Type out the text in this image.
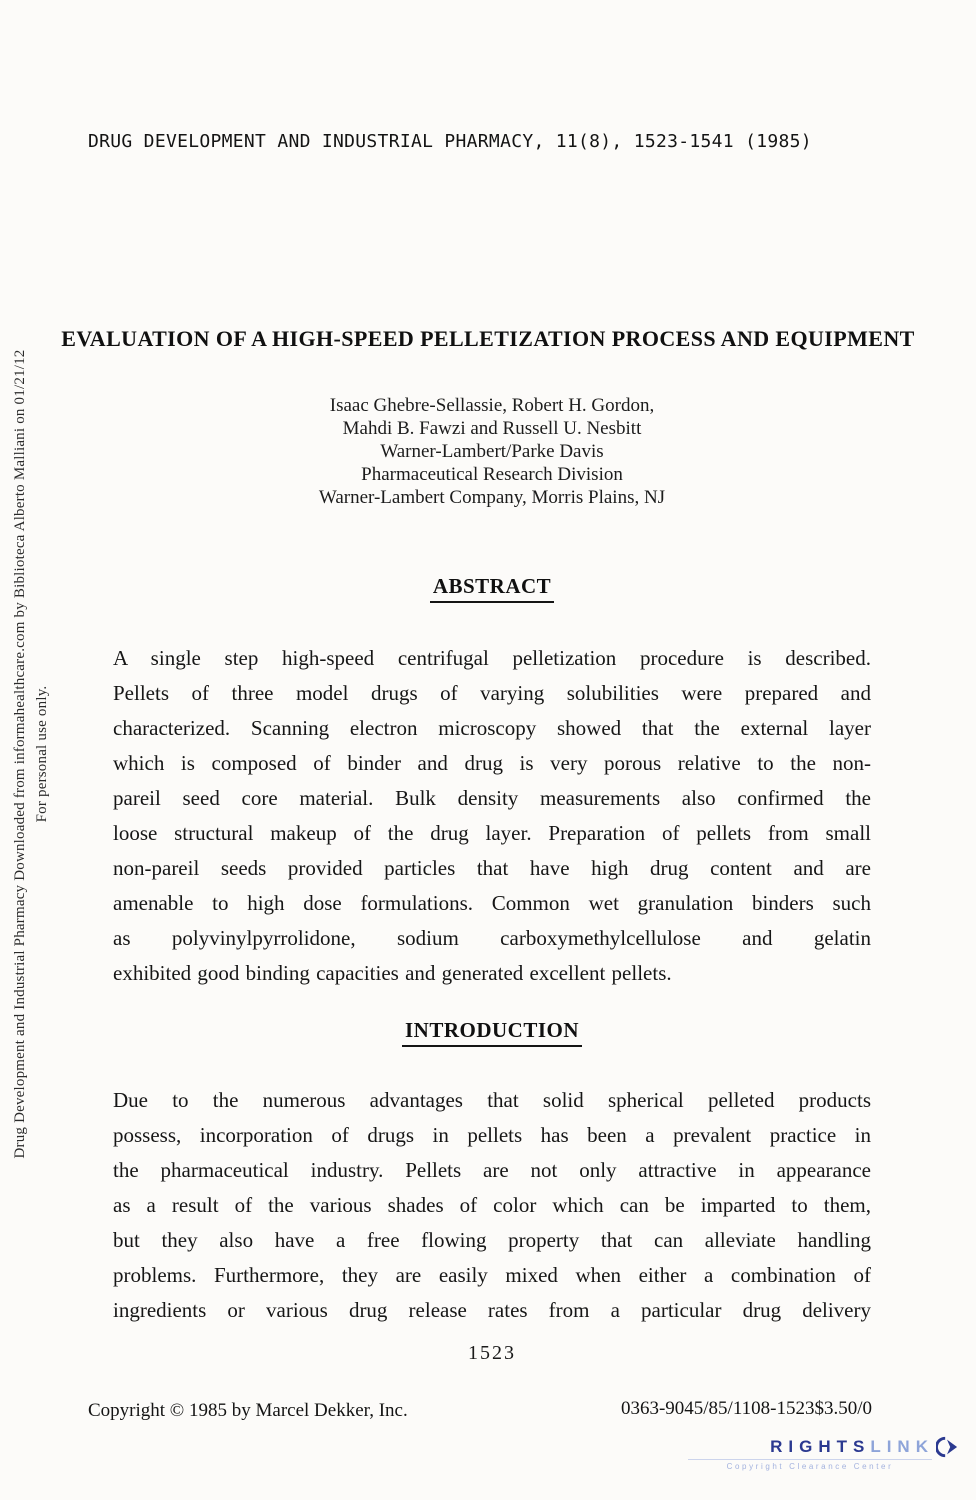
Drug Development and Industrial Pharmacy Downloaded from informahealthcare.com by Biblioteca Alberto Malliani on 01/21/12 For personal use only.
DRUG DEVELOPMENT AND INDUSTRIAL PHARMACY, 11(8), 1523-1541 (1985)
EVALUATION OF A HIGH-SPEED PELLETIZATION PROCESS AND EQUIPMENT
Isaac Ghebre-Sellassie, Robert H. Gordon,
Mahdi B. Fawzi and Russell U. Nesbitt
Warner-Lambert/Parke Davis
Pharmaceutical Research Division
Warner-Lambert Company, Morris Plains, NJ
ABSTRACT
A single step high-speed centrifugal pelletization procedure is described.
Pellets of three model drugs of varying solubilities were prepared and
characterized. Scanning electron microscopy showed that the external layer
which is composed of binder and drug is very porous relative to the non-
pareil seed core material. Bulk density measurements also confirmed the
loose structural makeup of the drug layer. Preparation of pellets from small
non-pareil seeds provided particles that have high drug content and are
amenable to high dose formulations. Common wet granulation binders such
as polyvinylpyrrolidone, sodium carboxymethylcellulose and gelatin
exhibited good binding capacities and generated excellent pellets.
INTRODUCTION
Due to the numerous advantages that solid spherical pelleted products
possess, incorporation of drugs in pellets has been a prevalent practice in
the pharmaceutical industry. Pellets are not only attractive in appearance
as a result of the various shades of color which can be imparted to them,
but they also have a free flowing property that can alleviate handling
problems. Furthermore, they are easily mixed when either a combination of
ingredients or various drug release rates from a particular drug delivery
1523
Copyright © 1985 by Marcel Dekker, Inc.	0363-9045/85/1108-1523$3.50/0
RIGHTS LINK
Copyright Clearance Center
